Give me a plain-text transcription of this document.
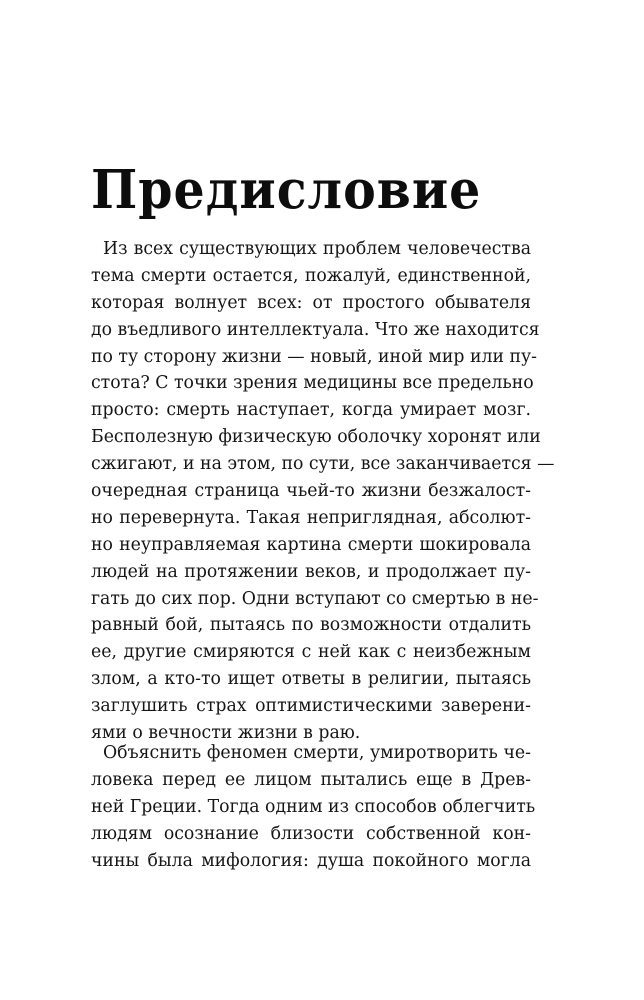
Предисловие
Из всех существующих проблем человечества
тема смерти остается, пожалуй, единственной,
которая волнует всех: от простого обывателя
до въедливого интеллектуала. Что же находится
по ту сторону жизни — новый, иной мир или пу-
стота? С точки зрения медицины все предельно
просто: смерть наступает, когда умирает мозг.
Бесполезную физическую оболочку хоронят или
сжигают, и на этом, по сути, все заканчивается —
очередная страница чьей-то жизни безжалост-
но перевернута. Такая неприглядная, абсолют-
но неуправляемая картина смерти шокировала
людей на протяжении веков, и продолжает пу-
гать до сих пор. Одни вступают со смертью в не-
равный бой, пытаясь по возможности отдалить
ее, другие смиряются с ней как с неизбежным
злом, а кто-то ищет ответы в религии, пытаясь
заглушить страх оптимистическими заверени-
ями о вечности жизни в раю.
Объяснить феномен смерти, умиротворить че-
ловека перед ее лицом пытались еще в Древ-
ней Греции. Тогда одним из способов облегчить
людям осознание близости собственной кон-
чины была мифология: душа покойного могла
